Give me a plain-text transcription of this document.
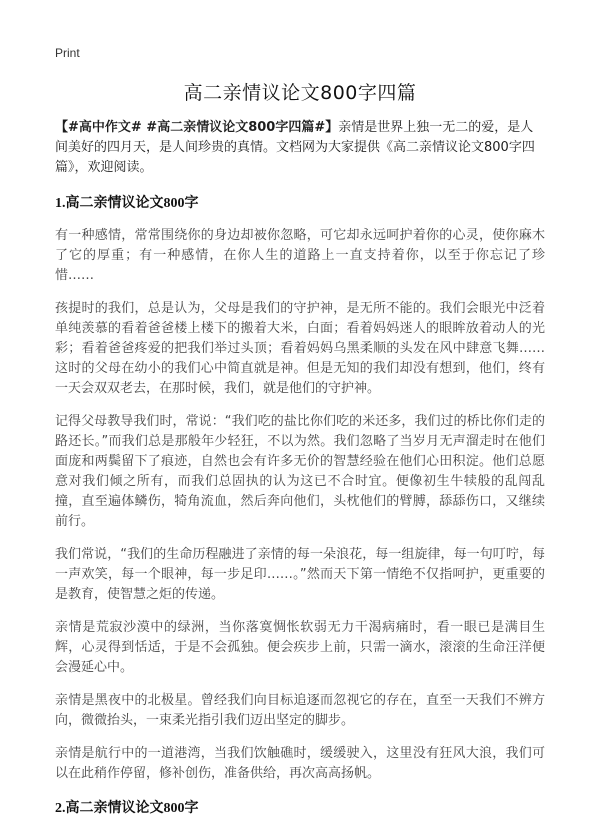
Print
高二亲情议论文800字四篇

【#高中作文# #高二亲情议论文800字四篇#】亲情是世界上独一无二的爱，是人间美好的四月天，是人间珍贵的真情。文档网为大家提供《高二亲情议论文800字四篇》，欢迎阅读。

1.高二亲情议论文800字

有一种感情，常常围绕你的身边却被你忽略，可它却永远呵护着你的心灵，使你麻木了它的厚重；有一种感情，在你人生的道路上一直支持着你，以至于你忘记了珍惜……

孩提时的我们，总是认为，父母是我们的守护神，是无所不能的。我们会眼光中泛着单纯羡慕的看着爸爸楼上楼下的搬着大米，白面；看着妈妈迷人的眼眸放着动人的光彩；看着爸爸疼爱的把我们举过头顶；看着妈妈乌黑柔顺的头发在风中肆意飞舞……这时的父母在幼小的我们心中简直就是神。但是无知的我们却没有想到，他们，终有一天会双双老去，在那时候，我们，就是他们的守护神。

记得父母教导我们时，常说：“我们吃的盐比你们吃的米还多，我们过的桥比你们走的路还长。”而我们总是那般年少轻狂，不以为然。我们忽略了当岁月无声溜走时在他们面庞和两鬓留下了痕迹，自然也会有许多无价的智慧经验在他们心田积淀。他们总愿意对我们倾之所有，而我们总固执的认为这已不合时宜。便像初生牛犊般的乱闯乱撞，直至遍体鳞伤，犄角流血，然后奔向他们，头枕他们的臂膊，舔舔伤口，又继续前行。

我们常说，“我们的生命历程融进了亲情的每一朵浪花，每一组旋律，每一句叮咛，每一声欢笑，每一个眼神，每一步足印……。”然而天下第一情绝不仅指呵护，更重要的是教育，使智慧之炬的传递。

亲情是荒寂沙漠中的绿洲，当你落寞惆怅软弱无力干渴病痛时，看一眼已是满目生辉，心灵得到恬适，于是不会孤独。便会疾步上前，只需一滴水，滚滚的生命汪洋便会漫延心中。

亲情是黑夜中的北极星。曾经我们向目标追逐而忽视它的存在，直至一天我们不辨方向，微微抬头，一束柔光指引我们迈出坚定的脚步。

亲情是航行中的一道港湾，当我们饮触礁时，缓缓驶入，这里没有狂风大浪，我们可以在此稍作停留，修补创伤，准备供给，再次高高扬帆。

2.高二亲情议论文800字
